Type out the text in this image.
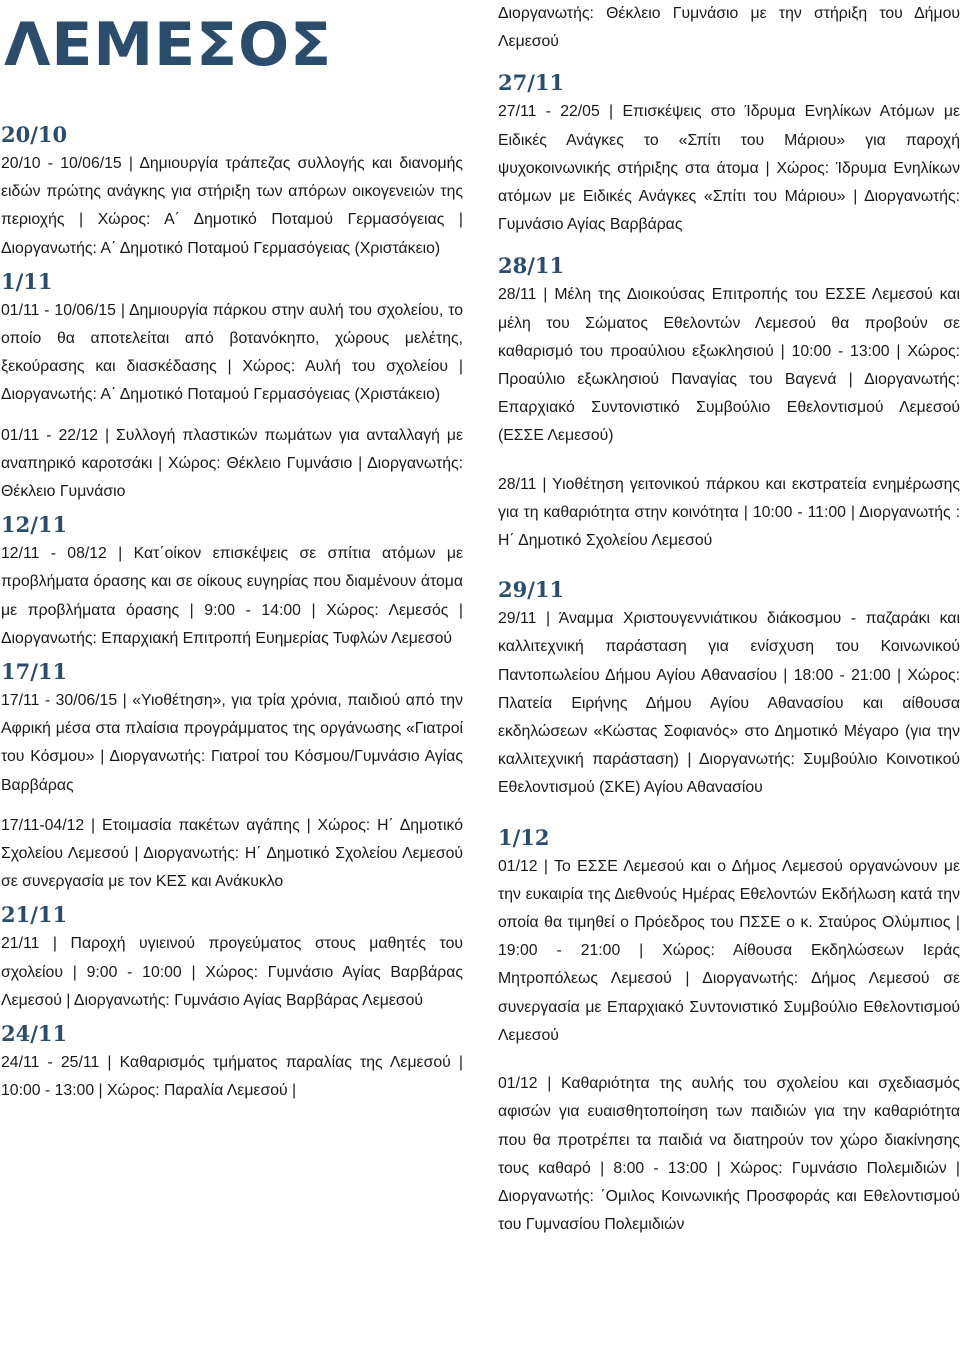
ΛΕΜΕΣΟΣ
20/10

20/10 - 10/06/15 | Δημιουργία τράπεζας συλλογής και διανομής ειδών πρώτης ανάγκης για στήριξη των απόρων οικογενειών της περιοχής | Χώρος: Α΄ Δημοτικό Ποταμού Γερμασόγειας | Διοργανωτής: Α΄ Δημοτικό Ποταμού Γερμασόγειας (Χριστάκειο)

1/11

01/11 - 10/06/15 | Δημιουργία πάρκου στην αυλή του σχολείου, το οποίο θα αποτελείται από βοτανόκηπο, χώρους μελέτης, ξεκούρασης και διασκέδασης | Χώρος: Αυλή του σχολείου | Διοργανωτής: Α΄ Δημοτικό Ποταμού Γερμασόγειας (Χριστάκειο)

01/11 - 22/12 | Συλλογή πλαστικών πωμάτων για ανταλλαγή με αναπηρικό καροτσάκι | Χώρος: Θέκλειο Γυμνάσιο | Διοργανωτής: Θέκλειο Γυμνάσιο

12/11

12/11 - 08/12 | Κατ΄οίκον επισκέψεις σε σπίτια ατόμων με προβλήματα όρασης και σε οίκους ευγηρίας που διαμένουν άτομα με προβλήματα όρασης | 9:00 - 14:00 | Χώρος: Λεμεσός | Διοργανωτής: Επαρχιακή Επιτροπή Ευημερίας Τυφλών Λεμεσού

17/11

17/11 - 30/06/15 | «Υιοθέτηση», για τρία χρόνια, παιδιού από την Αφρική μέσα στα πλαίσια προγράμματος της οργάνωσης «Γιατροί του Κόσμου» | Διοργανωτής: Γιατροί του Κόσμου/Γυμνάσιο Αγίας Βαρβάρας

17/11-04/12 | Ετοιμασία πακέτων αγάπης | Χώρος: Η΄ Δημοτικό Σχολείου Λεμεσού | Διοργανωτής: Η΄ Δημοτικό Σχολείου Λεμεσού σε συνεργασία με τον ΚΕΣ και Ανάκυκλο

21/11

21/11 | Παροχή υγιεινού προγεύματος στους μαθητές του σχολείου | 9:00 - 10:00 | Χώρος: Γυμνάσιο Αγίας Βαρβάρας Λεμεσού | Διοργανωτής: Γυμνάσιο Αγίας Βαρβάρας Λεμεσού

24/11

24/11 - 25/11 | Καθαρισμός τμήματος παραλίας της Λεμεσού | 10:00 - 13:00 | Χώρος: Παραλία Λεμεσού |

Διοργανωτής: Θέκλειο Γυμνάσιο με την στήριξη του Δήμου Λεμεσού

27/11

27/11 - 22/05 | Επισκέψεις στο Ίδρυμα Ενηλίκων Ατόμων με Ειδικές Ανάγκες το «Σπίτι του Μάριου» για παροχή ψυχοκοινωνικής στήριξης στα άτομα | Χώρος: Ίδρυμα Ενηλίκων ατόμων με Ειδικές Ανάγκες «Σπίτι του Μάριου» | Διοργανωτής: Γυμνάσιο Αγίας Βαρβάρας

28/11

28/11 | Μέλη της Διοικούσας Επιτροπής του ΕΣΣΕ Λεμεσού και μέλη του Σώματος Εθελοντών Λεμεσού θα προβούν σε καθαρισμό του προαύλιου εξωκλησιού | 10:00 - 13:00 | Χώρος: Προαύλιο εξωκλησιού Παναγίας του Βαγενά | Διοργανωτής: Επαρχιακό Συντονιστικό Συμβούλιο Εθελοντισμού Λεμεσού (ΕΣΣΕ Λεμεσού)

28/11 | Υιοθέτηση γειτονικού πάρκου και εκστρατεία ενημέρωσης για τη καθαριότητα στην κοινότητα | 10:00 - 11:00 | Διοργανωτής : Η΄ Δημοτικό Σχολείου Λεμεσού

29/11

29/11 | Άναμμα Χριστουγεννιάτικου διάκοσμου - παζαράκι και καλλιτεχνική παράσταση για ενίσχυση του Κοινωνικού Παντοπωλείου Δήμου Αγίου Αθανασίου | 18:00 - 21:00 | Χώρος: Πλατεία Ειρήνης Δήμου Αγίου Αθανασίου και αίθουσα εκδηλώσεων «Κώστας Σοφιανός» στο Δημοτικό Μέγαρο (για την καλλιτεχνική παράσταση) | Διοργανωτής: Συμβούλιο Κοινοτικού Εθελοντισμού (ΣΚΕ) Αγίου Αθανασίου

1/12

01/12 | Το ΕΣΣΕ Λεμεσού και ο Δήμος Λεμεσού οργανώνουν με την ευκαιρία της Διεθνούς Ημέρας Εθελοντών Εκδήλωση κατά την οποία θα τιμηθεί ο Πρόεδρος του ΠΣΣΕ ο κ. Σταύρος Ολύμπιος | 19:00 - 21:00 | Χώρος: Αίθουσα Εκδηλώσεων Ιεράς Μητροπόλεως Λεμεσού | Διοργανωτής: Δήμος Λεμεσού σε συνεργασία με Επαρχιακό Συντονιστικό Συμβούλιο Εθελοντισμού Λεμεσού

01/12 | Καθαριότητα της αυλής του σχολείου και σχεδιασμός αφισών για ευαισθητοποίηση των παιδιών για την καθαριότητα που θα προτρέπει τα παιδιά να διατηρούν τον χώρο διακίνησης τους καθαρό | 8:00 - 13:00 | Χώρος: Γυμνάσιο Πολεμιδιών | Διοργανωτής: ΄Ομιλος Κοινωνικής Προσφοράς και Εθελοντισμού του Γυμνασίου Πολεμιδιών
